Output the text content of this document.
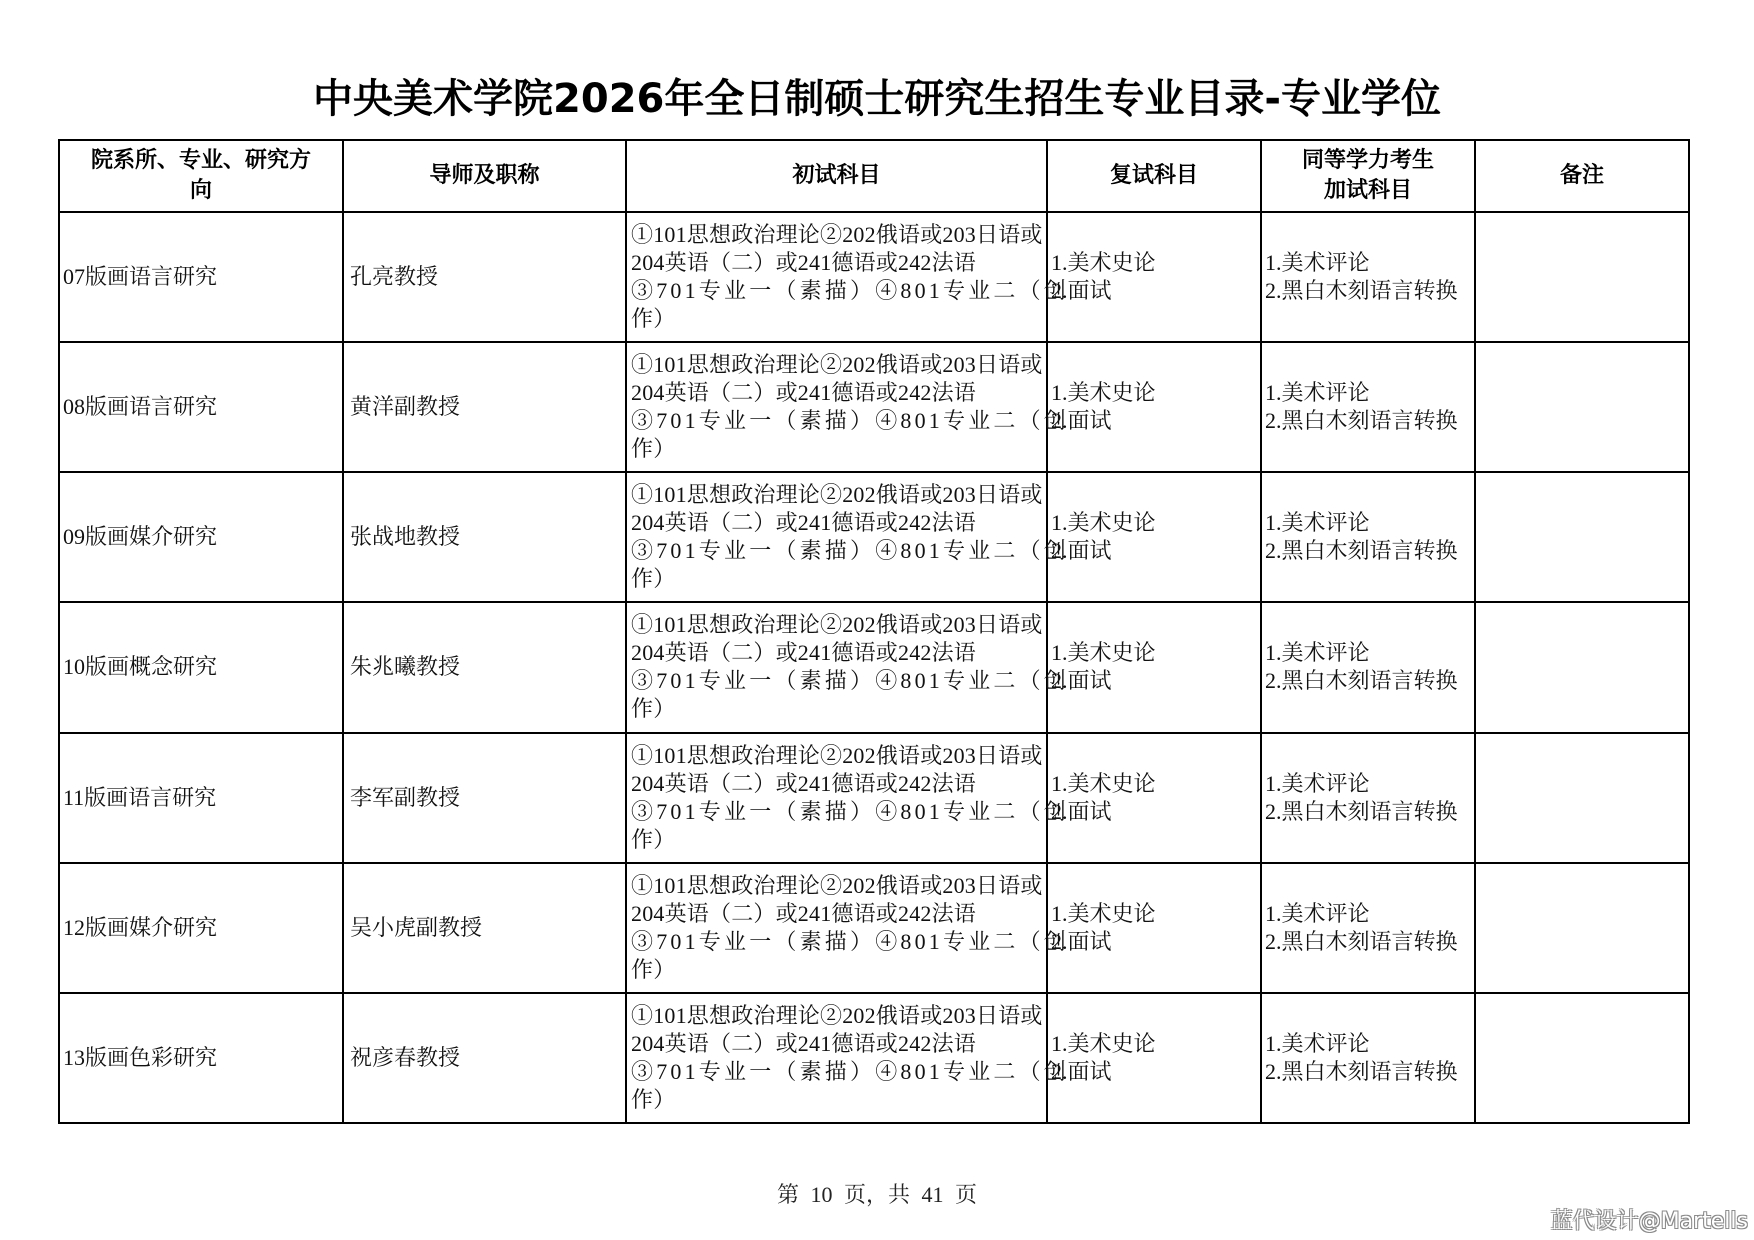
中央美术学院2026年全日制硕士研究生招生专业目录-专业学位
院系所、专业、研究方
向	导师及职称	初试科目	复试科目	同等学力考生
加试科目	备注

07版画语言研究	孔亮教授	①101思想政治理论②202俄语或203日语或
204英语（二）或241德语或242法语
③701专业一（素描）④801专业二（创
作）	1.美术史论
2.面试	1.美术评论
2.黑白木刻语言转换	

08版画语言研究	黄洋副教授	①101思想政治理论②202俄语或203日语或
204英语（二）或241德语或242法语
③701专业一（素描）④801专业二（创
作）	1.美术史论
2.面试	1.美术评论
2.黑白木刻语言转换	

09版画媒介研究	张战地教授	①101思想政治理论②202俄语或203日语或
204英语（二）或241德语或242法语
③701专业一（素描）④801专业二（创
作）	1.美术史论
2.面试	1.美术评论
2.黑白木刻语言转换	

10版画概念研究	朱兆曦教授	①101思想政治理论②202俄语或203日语或
204英语（二）或241德语或242法语
③701专业一（素描）④801专业二（创
作）	1.美术史论
2.面试	1.美术评论
2.黑白木刻语言转换	

11版画语言研究	李军副教授	①101思想政治理论②202俄语或203日语或
204英语（二）或241德语或242法语
③701专业一（素描）④801专业二（创
作）	1.美术史论
2.面试	1.美术评论
2.黑白木刻语言转换	

12版画媒介研究	吴小虎副教授	①101思想政治理论②202俄语或203日语或
204英语（二）或241德语或242法语
③701专业一（素描）④801专业二（创
作）	1.美术史论
2.面试	1.美术评论
2.黑白木刻语言转换	

13版画色彩研究	祝彦春教授	①101思想政治理论②202俄语或203日语或
204英语（二）或241德语或242法语
③701专业一（素描）④801专业二（创
作）	1.美术史论
2.面试	1.美术评论
2.黑白木刻语言转换	

第 10 页，共 41 页
蓝代设计@Martells
